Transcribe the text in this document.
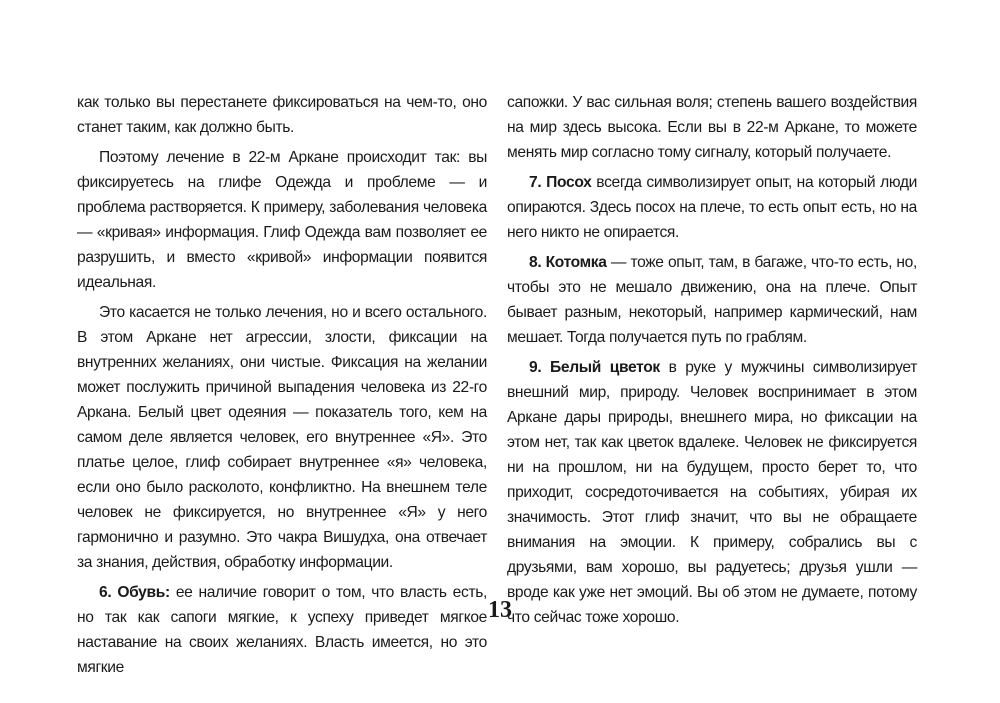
как только вы перестанете фиксироваться на чем-то, оно станет таким, как должно быть.

Поэтому лечение в 22-м Аркане происходит так: вы фиксируетесь на глифе Одежда и проблеме — и проблема растворяется. К примеру, заболевания человека — «кривая» информация. Глиф Одежда вам позволяет ее разрушить, и вместо «кривой» информации появится идеальная.

Это касается не только лечения, но и всего остального. В этом Аркане нет агрессии, злости, фиксации на внутренних желаниях, они чистые. Фиксация на желании может послужить причиной выпадения человека из 22-го Аркана. Белый цвет одеяния — показатель того, кем на самом деле является человек, его внутреннее «Я». Это платье целое, глиф собирает внутреннее «я» человека, если оно было расколото, конфликтно. На внешнем теле человек не фиксируется, но внутреннее «Я» у него гармонично и разумно. Это чакра Вишудха, она отвечает за знания, действия, обработку информации.

6. Обувь: ее наличие говорит о том, что власть есть, но так как сапоги мягкие, к успеху приведет мягкое наставание на своих желаниях. Власть имеется, но это мягкие

сапожки. У вас сильная воля; степень вашего воздействия на мир здесь высока. Если вы в 22-м Аркане, то можете менять мир согласно тому сигналу, который получаете.

7. Посох всегда символизирует опыт, на который люди опираются. Здесь посох на плече, то есть опыт есть, но на него никто не опирается.

8. Котомка — тоже опыт, там, в багаже, что-то есть, но, чтобы это не мешало движению, она на плече. Опыт бывает разным, некоторый, например кармический, нам мешает. Тогда получается путь по граблям.

9. Белый цветок в руке у мужчины символизирует внешний мир, природу. Человек воспринимает в этом Аркане дары природы, внешнего мира, но фиксации на этом нет, так как цветок вдалеке. Человек не фиксируется ни на прошлом, ни на будущем, просто берет то, что приходит, сосредоточивается на событиях, убирая их значимость. Этот глиф значит, что вы не обращаете внимания на эмоции. К примеру, собрались вы с друзьями, вам хорошо, вы радуетесь; друзья ушли — вроде как уже нет эмоций. Вы об этом не думаете, потому что сейчас тоже хорошо.

13
